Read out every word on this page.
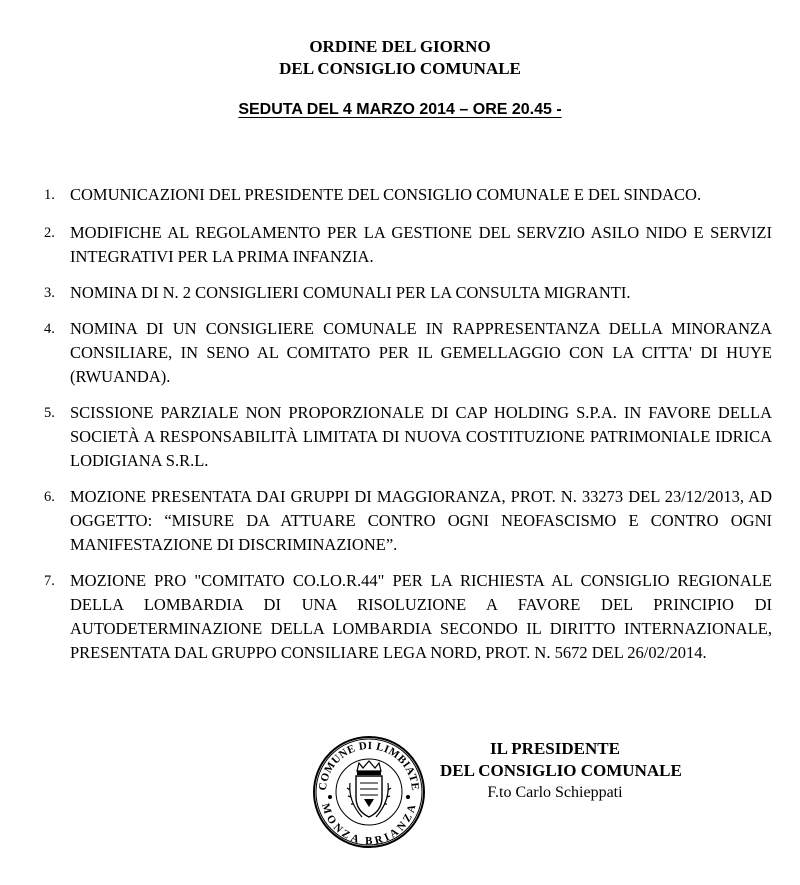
ORDINE DEL GIORNO
DEL CONSIGLIO COMUNALE
SEDUTA DEL 4 MARZO 2014 – ORE 20.45 -
1. COMUNICAZIONI DEL PRESIDENTE DEL CONSIGLIO COMUNALE E DEL SINDACO.
2. MODIFICHE AL REGOLAMENTO PER LA GESTIONE DEL SERVZIO ASILO NIDO E SERVIZI INTEGRATIVI PER LA PRIMA INFANZIA.
3. NOMINA DI N. 2 CONSIGLIERI COMUNALI PER LA CONSULTA MIGRANTI.
4. NOMINA DI UN CONSIGLIERE COMUNALE IN RAPPRESENTANZA DELLA MINORANZA CONSILIARE, IN SENO AL COMITATO PER IL GEMELLAGGIO CON LA CITTA' DI HUYE (RWUANDA).
5. SCISSIONE PARZIALE NON PROPORZIONALE DI CAP HOLDING S.P.A. IN FAVORE DELLA SOCIETÀ A RESPONSABILITÀ LIMITATA DI NUOVA COSTITUZIONE PATRIMONIALE IDRICA LODIGIANA S.R.L.
6. MOZIONE PRESENTATA DAI GRUPPI DI MAGGIORANZA, PROT. N. 33273 DEL 23/12/2013, AD OGGETTO: “MISURE DA ATTUARE CONTRO OGNI NEOFASCISMO E CONTRO OGNI MANIFESTAZIONE DI DISCRIMINAZIONE”.
7. MOZIONE PRO "COMITATO CO.LO.R.44" PER LA RICHIESTA AL CONSIGLIO REGIONALE DELLA LOMBARDIA DI UNA RISOLUZIONE A FAVORE DEL PRINCIPIO DI AUTODETERMINAZIONE DELLA LOMBARDIA SECONDO IL DIRITTO INTERNAZIONALE, PRESENTATA DAL GRUPPO CONSILIARE LEGA NORD, PROT. N. 5672 DEL 26/02/2014.
COMUNE DI LIMBIATE
MONZA BRIANZA
IL PRESIDENTE
DEL CONSIGLIO COMUNALE
F.to Carlo Schieppati
